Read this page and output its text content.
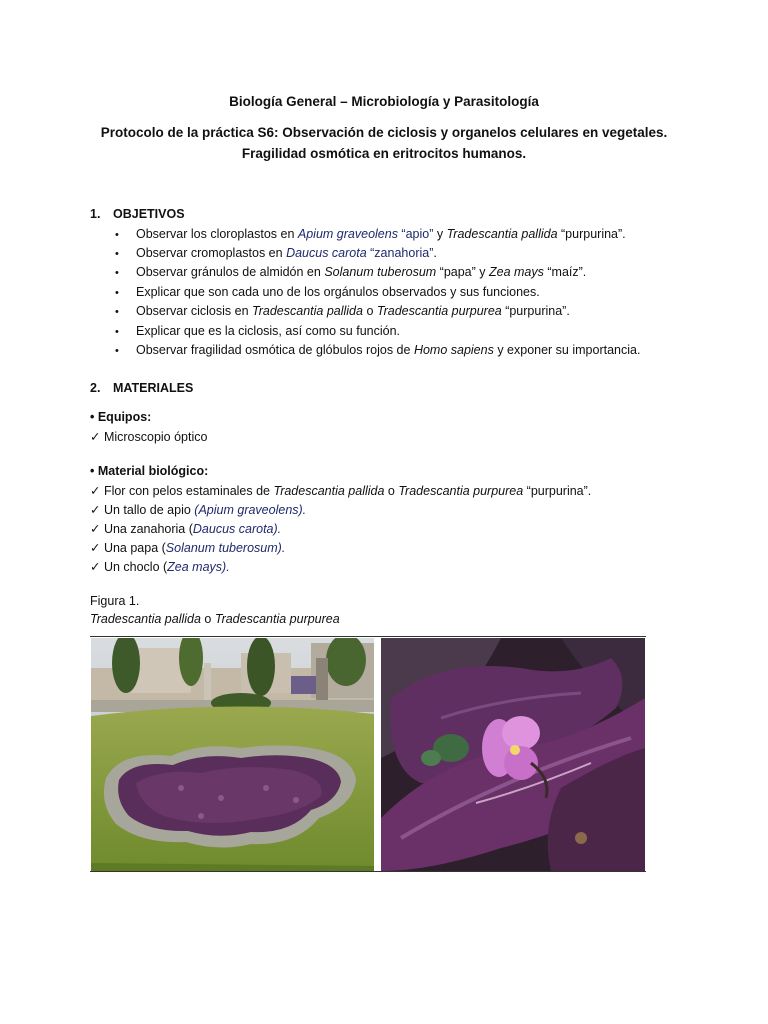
Biología General – Microbiología y Parasitología
Protocolo de la práctica S6: Observación de ciclosis y organelos celulares en vegetales.
Fragilidad osmótica en eritrocitos humanos.
1. OBJETIVOS
• Observar los cloroplastos en Apium graveolens “apio” y Tradescantia pallida “purpurina”.
• Observar cromoplastos en Daucus carota “zanahoria”.
• Observar gránulos de almidón en Solanum tuberosum “papa” y Zea mays “maíz”.
• Explicar que son cada uno de los orgánulos observados y sus funciones.
• Observar ciclosis en Tradescantia pallida o Tradescantia purpurea “purpurina”.
• Explicar que es la ciclosis, así como su función.
• Observar fragilidad osmótica de glóbulos rojos de Homo sapiens y exponer su importancia.
2. MATERIALES
• Equipos:
✓ Microscopio óptico
• Material biológico:
✓ Flor con pelos estaminales de Tradescantia pallida o Tradescantia purpurea “purpurina”.
✓ Un tallo de apio (Apium graveolens).
✓ Una zanahoria (Daucus carota).
✓ Una papa (Solanum tuberosum).
✓ Un choclo (Zea mays).
Figura 1.
Tradescantia pallida o Tradescantia purpurea
